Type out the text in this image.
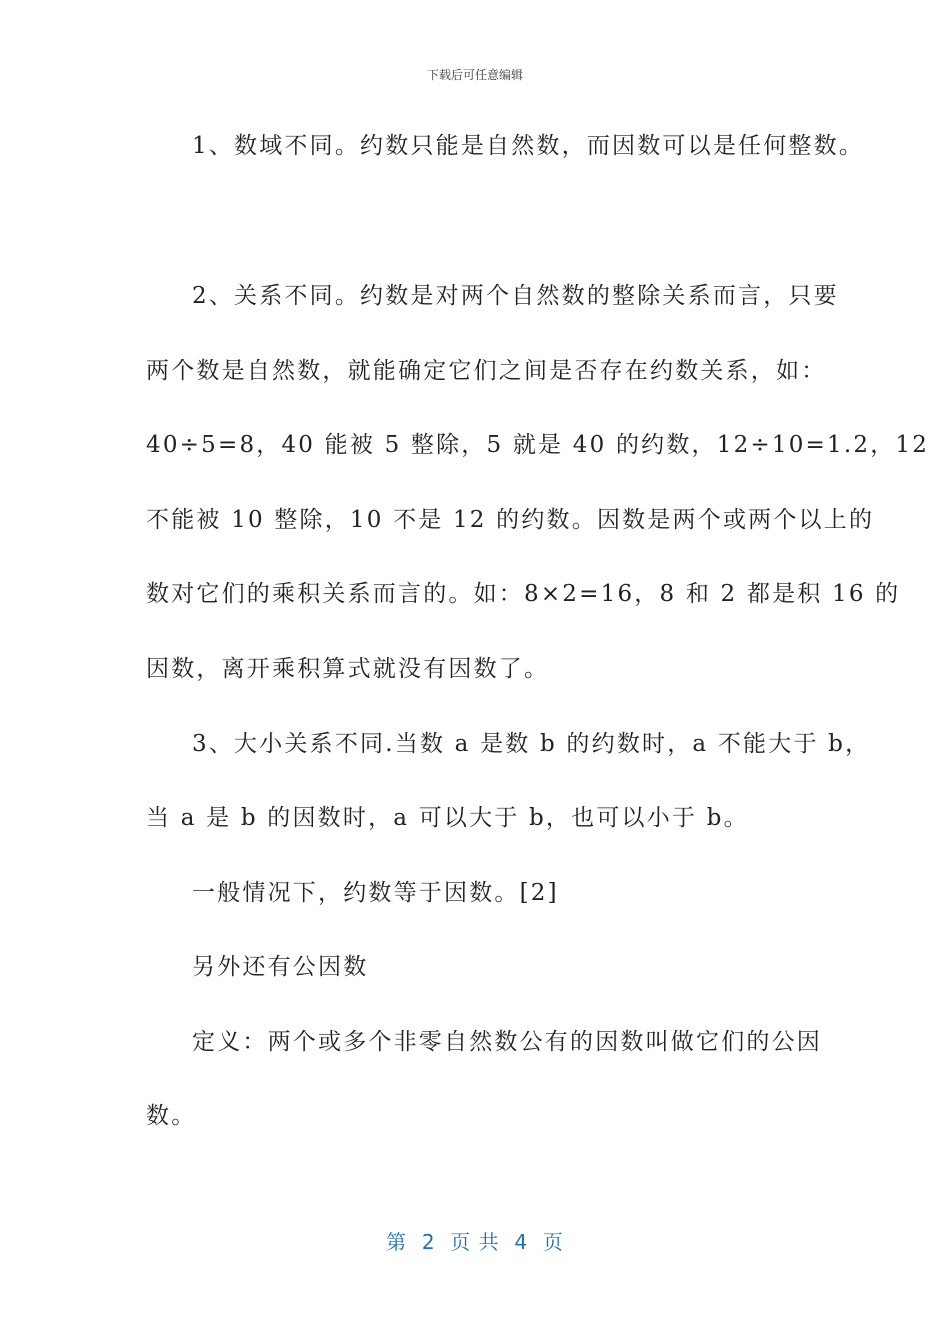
下载后可任意编辑
1、数域不同。约数只能是自然数，而因数可以是任何整数。
2、关系不同。约数是对两个自然数的整除关系而言，只要
两个数是自然数，就能确定它们之间是否存在约数关系，如：
40÷5=8，40 能被 5 整除，5 就是 40 的约数，12÷10=1.2，12
不能被 10 整除，10 不是 12 的约数。因数是两个或两个以上的
数对它们的乘积关系而言的。如：8×2=16，8 和 2 都是积 16 的
因数，离开乘积算式就没有因数了。
3、大小关系不同.当数 a 是数 b 的约数时，a 不能大于 b，
当 a 是 b 的因数时，a 可以大于 b，也可以小于 b。
一般情况下，约数等于因数。[2]
另外还有公因数
定义：两个或多个非零自然数公有的因数叫做它们的公因
数。
第  2  页 共  4  页
